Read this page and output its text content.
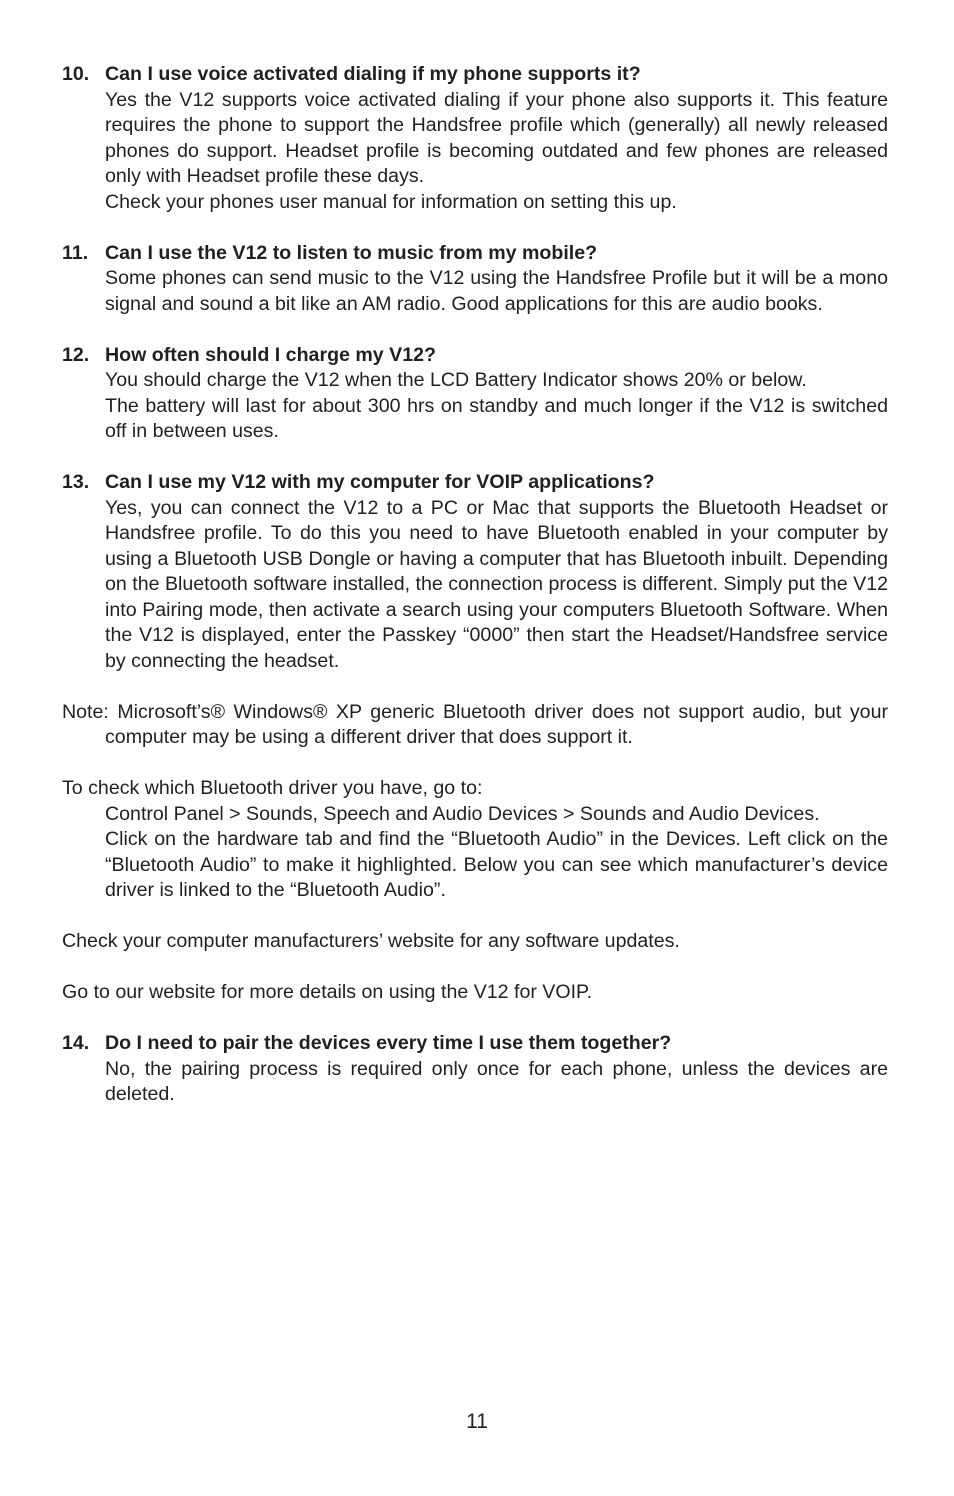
10. Can I use voice activated dialing if my phone supports it?

Yes the V12 supports voice activated dialing if your phone also supports it. This feature requires the phone to support the Handsfree profile which (generally) all newly released phones do support. Headset profile is becoming outdated and few phones are released only with Headset profile these days.

Check your phones user manual for information on setting this up.

11. Can I use the V12 to listen to music from my mobile?

Some phones can send music to the V12 using the Handsfree Profile but it will be a mono signal and sound a bit like an AM radio. Good applications for this are audio books.

12. How often should I charge my V12?

You should charge the V12 when the LCD Battery Indicator shows 20% or below.

The battery will last for about 300 hrs on standby and much longer if the V12 is switched off in between uses.

13. Can I use my V12 with my computer for VOIP applications?

Yes, you can connect the V12 to a PC or Mac that supports the Bluetooth Headset or Handsfree profile. To do this you need to have Bluetooth enabled in your computer by using a Bluetooth USB Dongle or having a computer that has Bluetooth inbuilt. Depending on the Bluetooth software installed, the connection process is different. Simply put the V12 into Pairing mode, then activate a search using your computers Bluetooth Software. When the V12 is displayed, enter the Passkey “0000” then start the Headset/Handsfree service by connecting the headset.

Note: Microsoft’s® Windows® XP generic Bluetooth driver does not support audio, but your computer may be using a different driver that does support it.

To check which Bluetooth driver you have, go to:

Control Panel > Sounds, Speech and Audio Devices > Sounds and Audio Devices.

Click on the hardware tab and find the “Bluetooth Audio” in the Devices. Left click on the “Bluetooth Audio” to make it highlighted. Below you can see which manufacturer’s device driver is linked to the “Bluetooth Audio”.

Check your computer manufacturers’ website for any software updates.

Go to our website for more details on using the V12 for VOIP.

14. Do I need to pair the devices every time I use them together?

No, the pairing process is required only once for each phone, unless the devices are deleted.

11
